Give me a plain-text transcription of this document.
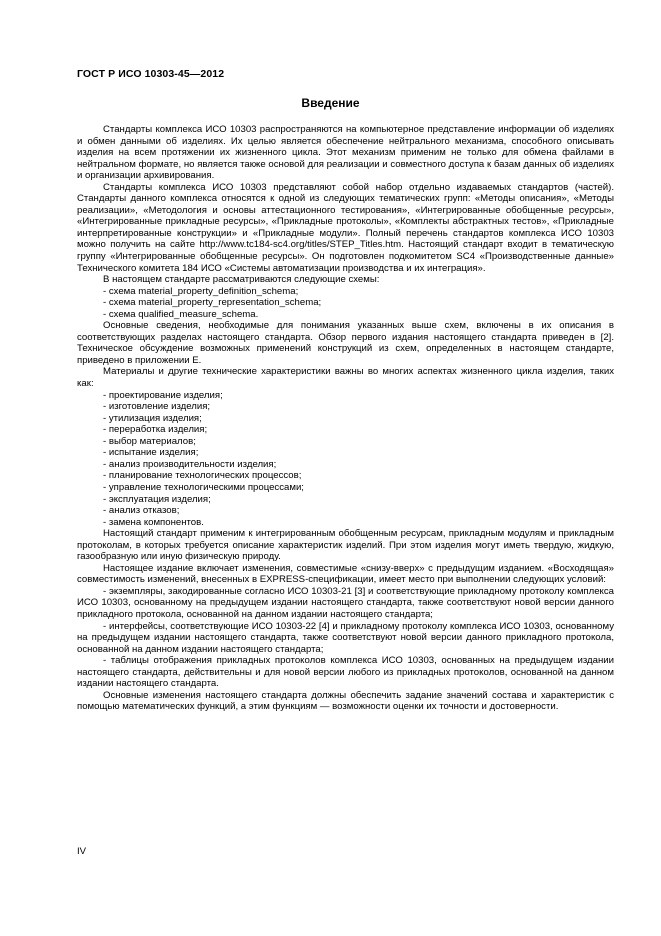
ГОСТ Р ИСО 10303-45—2012
Введение

Стандарты комплекса ИСО 10303 распространяются на компьютерное представление информации об изделиях и обмен данными об изделиях. Их целью является обеспечение нейтрального механизма, способного описывать изделия на всем протяжении их жизненного цикла. Этот механизм применим не только для обмена файлами в нейтральном формате, но является также основой для реализации и совместного доступа к базам данных об изделиях и организации архивирования.

Стандарты комплекса ИСО 10303 представляют собой набор отдельно издаваемых стандартов (частей). Стандарты данного комплекса относятся к одной из следующих тематических групп: «Методы описания», «Методы реализации», «Методология и основы аттестационного тестирования», «Интегрированные обобщенные ресурсы», «Интегрированные прикладные ресурсы», «Прикладные протоколы», «Комплекты абстрактных тестов», «Прикладные интерпретированные конструкции» и «Прикладные модули». Полный перечень стандартов комплекса ИСО 10303 можно получить на сайте http://www.tc184-sc4.org/titles/STEP_Titles.htm. Настоящий стандарт входит в тематическую группу «Интегрированные обобщенные ресурсы». Он подготовлен подкомитетом SC4 «Производственные данные» Технического комитета 184 ИСО «Системы автоматизации производства и их интеграция».

В настоящем стандарте рассматриваются следующие схемы:

- схема material_property_definition_schema;
- схема material_property_representation_schema;
- схема qualified_measure_schema.

Основные сведения, необходимые для понимания указанных выше схем, включены в их описания в соответствующих разделах настоящего стандарта. Обзор первого издания настоящего стандарта приведен в [2]. Техническое обсуждение возможных применений конструкций из схем, определенных в настоящем стандарте, приведено в приложении Е.

Материалы и другие технические характеристики важны во многих аспектах жизненного цикла изделия, таких как:

- проектирование изделия;
- изготовление изделия;
- утилизация изделия;
- переработка изделия;
- выбор материалов;
- испытание изделия;
- анализ производительности изделия;
- планирование технологических процессов;
- управление технологическими процессами;
- эксплуатация изделия;
- анализ отказов;
- замена компонентов.

Настоящий стандарт применим к интегрированным обобщенным ресурсам, прикладным модулям и прикладным протоколам, в которых требуется описание характеристик изделий. При этом изделия могут иметь твердую, жидкую, газообразную или иную физическую природу.

Настоящее издание включает изменения, совместимые «снизу-вверх» с предыдущим изданием. «Восходящая» совместимость изменений, внесенных в EXPRESS-спецификации, имеет место при выполнении следующих условий:

- экземпляры, закодированные согласно ИСО 10303-21 [3] и соответствующие прикладному протоколу комплекса ИСО 10303, основанному на предыдущем издании настоящего стандарта, также соответствуют новой версии данного прикладного протокола, основанной на данном издании настоящего стандарта;

- интерфейсы, соответствующие ИСО 10303-22 [4] и прикладному протоколу комплекса ИСО 10303, основанному на предыдущем издании настоящего стандарта, также соответствуют новой версии данного прикладного протокола, основанной на данном издании настоящего стандарта;

- таблицы отображения прикладных протоколов комплекса ИСО 10303, основанных на предыдущем издании настоящего стандарта, действительны и для новой версии любого из прикладных протоколов, основанной на данном издании настоящего стандарта.

Основные изменения настоящего стандарта должны обеспечить задание значений состава и характеристик с помощью математических функций, а этим функциям — возможности оценки их точности и достоверности.

IV
